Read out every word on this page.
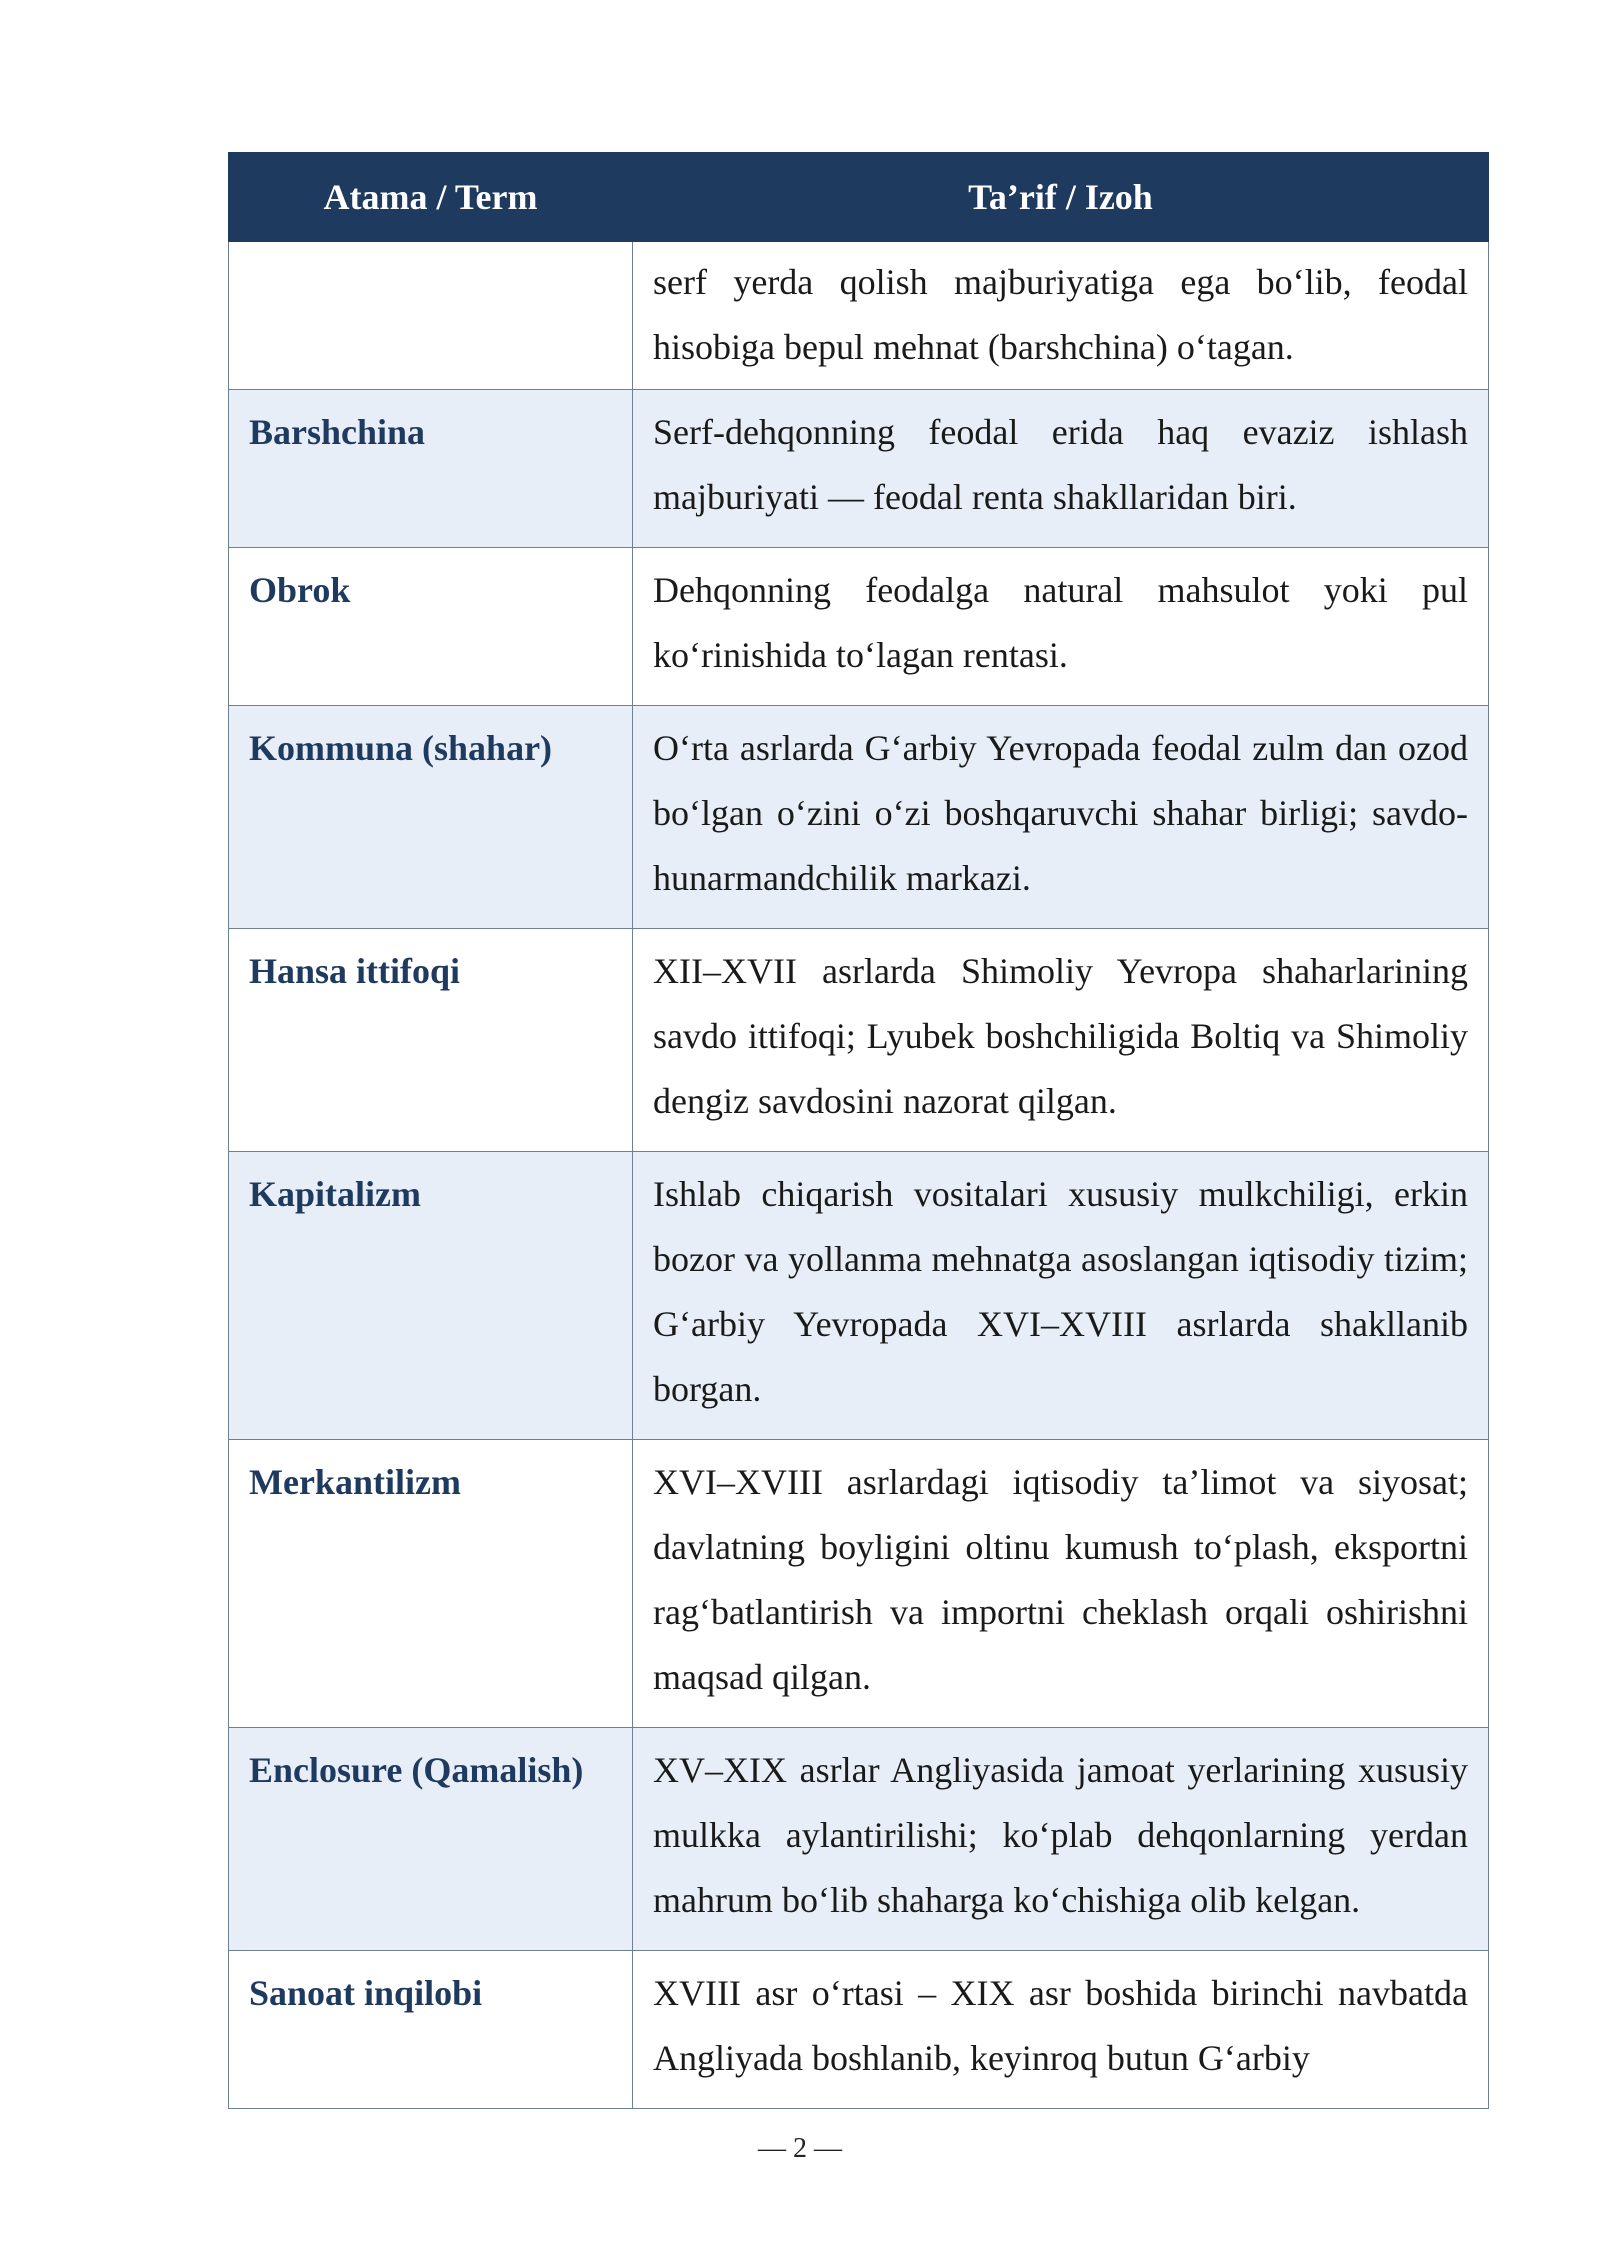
Atama / Term	Ta’rif / Izoh
	serf yerda qolish majburiyatiga ega bo‘lib, feodal hisobiga bepul mehnat (barshchina) o‘tagan.
Barshchina	Serf-dehqonning feodal erida haq evaziz ishlash majburiyati — feodal renta shakllaridan biri.
Obrok	Dehqonning feodalga natural mahsulot yoki pul ko‘rinishida to‘lagan rentasi.
Kommuna (shahar)	O‘rta asrlarda G‘arbiy Yevropada feodal zulm dan ozod bo‘lgan o‘zini o‘zi boshqaruvchi shahar birligi; savdo-hunarmandchilik markazi.
Hansa ittifoqi	XII–XVII asrlarda Shimoliy Yevropa shaharlarining savdo ittifoqi; Lyubek boshchiligida Boltiq va Shimoliy dengiz savdosini nazorat qilgan.
Kapitalizm	Ishlab chiqarish vositalari xususiy mulkchiligi, erkin bozor va yollanma mehnatga asoslangan iqtisodiy tizim; G‘arbiy Yevropada XVI–XVIII asrlarda shakllanib borgan.
Merkantilizm	XVI–XVIII asrlardagi iqtisodiy ta’limot va siyosat; davlatning boyligini oltinu kumush to‘plash, eksportni rag‘batlantirish va importni cheklash orqali oshirishni maqsad qilgan.
Enclosure (Qamalish)	XV–XIX asrlar Angliyasida jamoat yerlarining xususiy mulkka aylantirilishi; ko‘plab dehqonlarning yerdan mahrum bo‘lib shaharga ko‘chishiga olib kelgan.
Sanoat inqilobi	XVIII asr o‘rtasi – XIX asr boshida birinchi navbatda Angliyada boshlanib, keyinroq butun G‘arbiy
— 2 —
